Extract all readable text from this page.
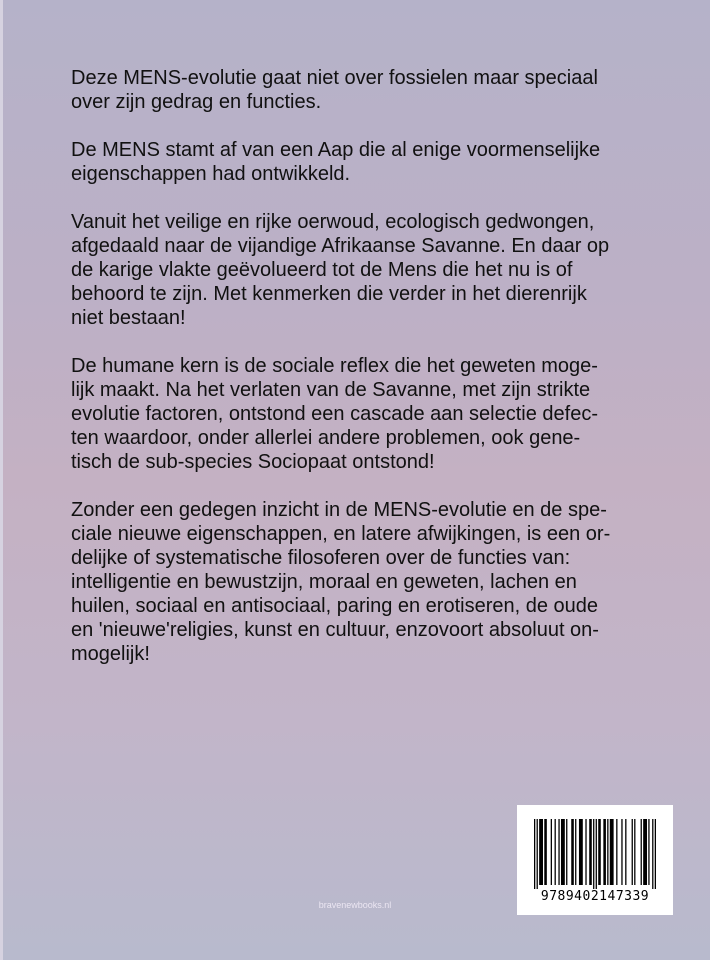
Deze MENS-evolutie gaat niet over fossielen maar speciaal
over zijn gedrag en functies.

De MENS stamt af van een Aap die al enige voormenselijke
eigenschappen had ontwikkeld.

Vanuit het veilige en rijke oerwoud, ecologisch gedwongen,
afgedaald naar de vijandige Afrikaanse Savanne. En daar op
de karige vlakte geëvolueerd tot de Mens die het nu is of
behoord te zijn. Met kenmerken die verder in het dierenrijk
niet bestaan!

De humane kern is de sociale reflex die het geweten moge-
lijk maakt. Na het verlaten van de Savanne, met zijn strikte
evolutie factoren, ontstond een cascade aan selectie defec-
ten waardoor, onder allerlei andere problemen, ook gene-
tisch de sub-species Sociopaat ontstond!

Zonder een gedegen inzicht in de MENS-evolutie en de spe-
ciale nieuwe eigenschappen, en latere afwijkingen, is een or-
delijke of systematische filosoferen over de functies van:
intelligentie en bewustzijn, moraal en geweten, lachen en
huilen, sociaal en antisociaal, paring en erotiseren, de oude
en 'nieuwe'religies, kunst en cultuur, enzovoort absoluut on-
mogelijk!

bravenewbooks.nl
9789402147339
